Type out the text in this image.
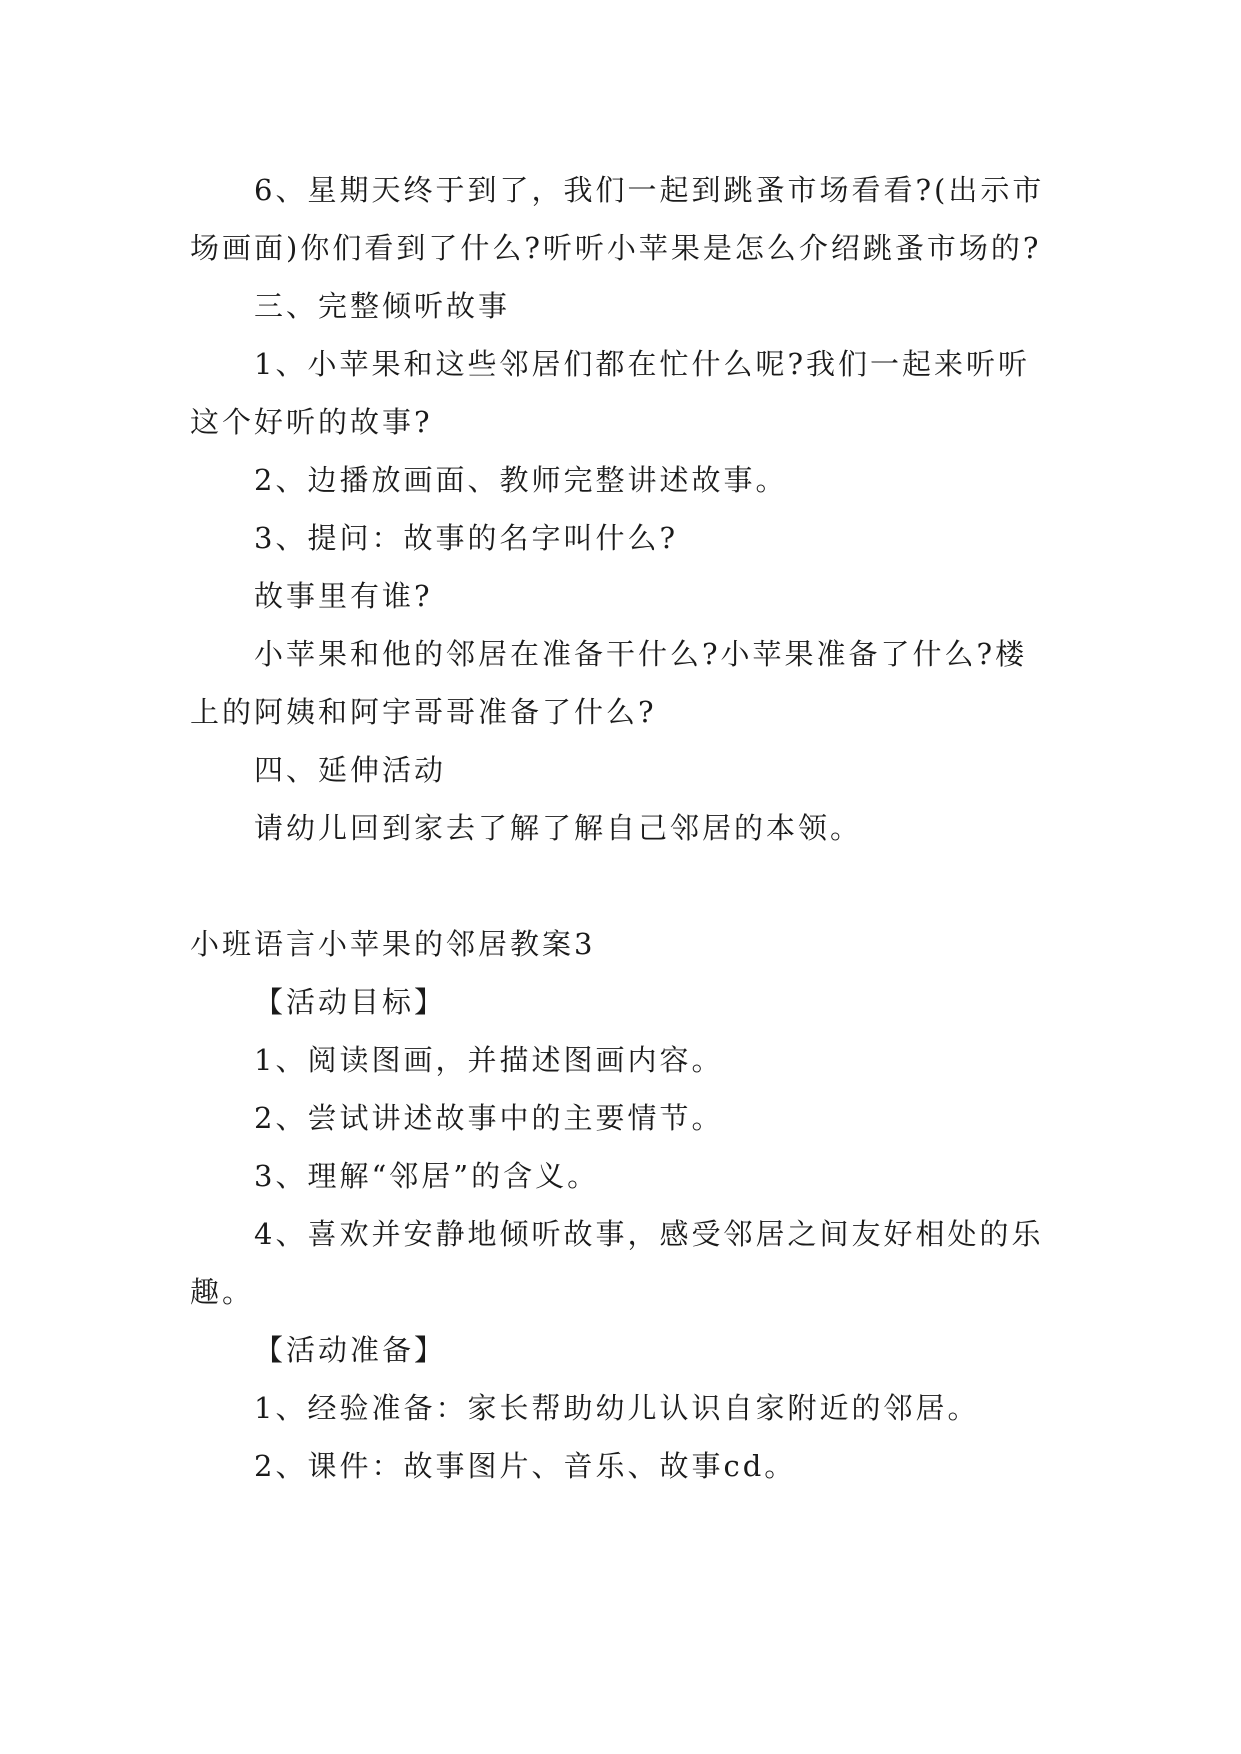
6、星期天终于到了，我们一起到跳蚤市场看看?(出示市场画面)你们看到了什么?听听小苹果是怎么介绍跳蚤市场的?

三、完整倾听故事

1、小苹果和这些邻居们都在忙什么呢?我们一起来听听这个好听的故事?

2、边播放画面、教师完整讲述故事。

3、提问：故事的名字叫什么?

故事里有谁?

小苹果和他的邻居在准备干什么?小苹果准备了什么?楼上的阿姨和阿宇哥哥准备了什么?

四、延伸活动

请幼儿回到家去了解了解自己邻居的本领。

小班语言小苹果的邻居教案3

【活动目标】

1、阅读图画，并描述图画内容。

2、尝试讲述故事中的主要情节。

3、理解“邻居”的含义。

4、喜欢并安静地倾听故事，感受邻居之间友好相处的乐趣。

【活动准备】

1、经验准备：家长帮助幼儿认识自家附近的邻居。

2、课件：故事图片、音乐、故事cd。
